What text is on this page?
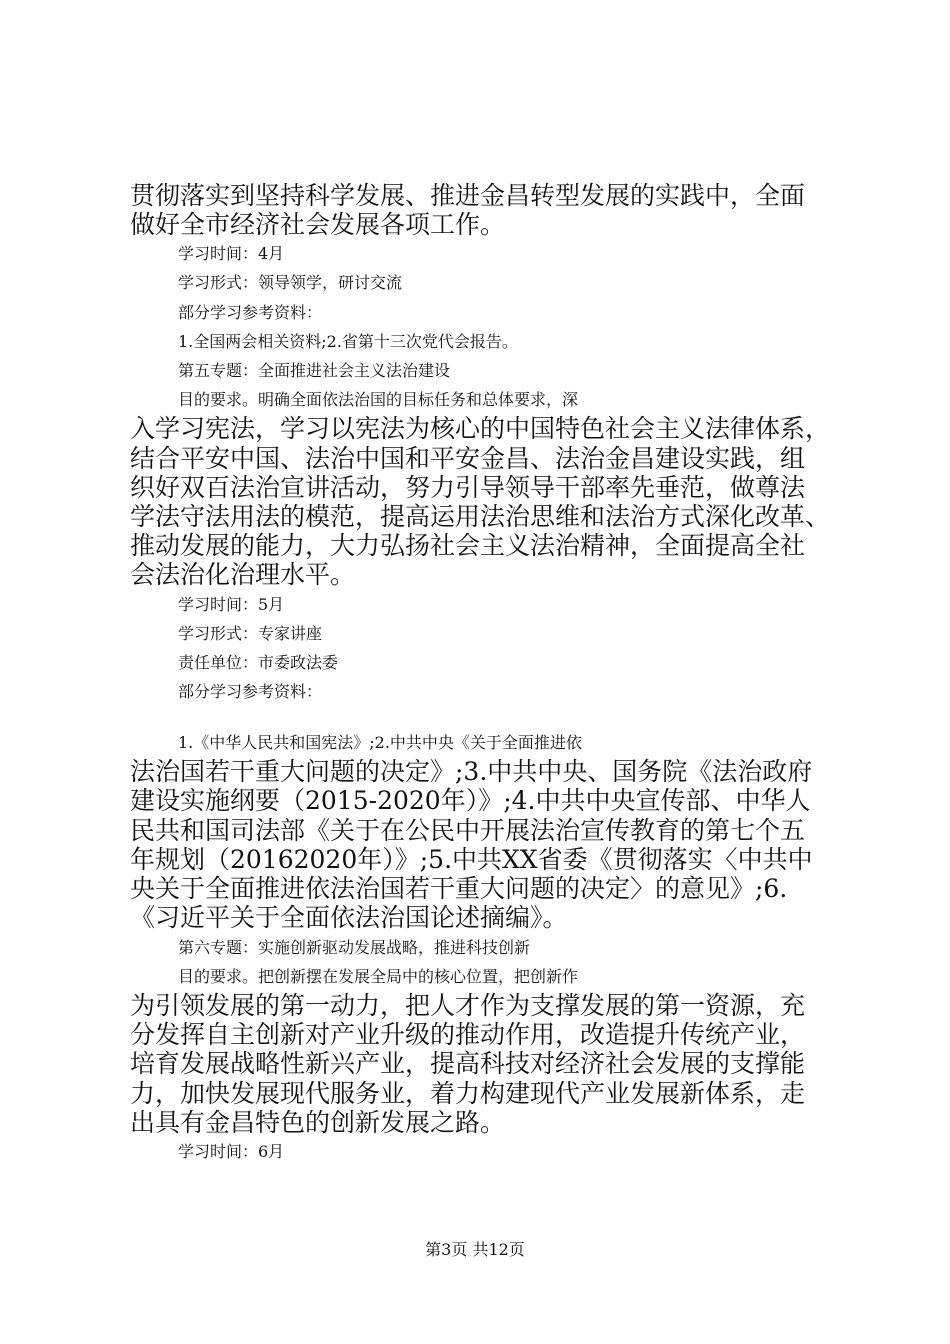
贯彻落实到坚持科学发展、推进金昌转型发展的实践中，全面
做好全市经济社会发展各项工作。
学习时间：4月
学习形式：领导领学，研讨交流
部分学习参考资料：
1.全国两会相关资料;2.省第十三次党代会报告。
第五专题：全面推进社会主义法治建设
目的要求。明确全面依法治国的目标任务和总体要求，深
入学习宪法，学习以宪法为核心的中国特色社会主义法律体系，
结合平安中国、法治中国和平安金昌、法治金昌建设实践，组
织好双百法治宣讲活动，努力引导领导干部率先垂范，做尊法
学法守法用法的模范，提高运用法治思维和法治方式深化改革、
推动发展的能力，大力弘扬社会主义法治精神，全面提高全社
会法治化治理水平。
学习时间：5月
学习形式：专家讲座
责任单位：市委政法委
部分学习参考资料：
1.《中华人民共和国宪法》;2.中共中央《关于全面推进依
法治国若干重大问题的决定》;3.中共中央、国务院《法治政府
建设实施纲要（2015-2020年）》;4.中共中央宣传部、中华人
民共和国司法部《关于在公民中开展法治宣传教育的第七个五
年规划（20162020年）》;5.中共XX省委《贯彻落实〈中共中
央关于全面推进依法治国若干重大问题的决定〉的意见》;6.
《习近平关于全面依法治国论述摘编》。
第六专题：实施创新驱动发展战略，推进科技创新
目的要求。把创新摆在发展全局中的核心位置，把创新作
为引领发展的第一动力，把人才作为支撑发展的第一资源，充
分发挥自主创新对产业升级的推动作用，改造提升传统产业，
培育发展战略性新兴产业，提高科技对经济社会发展的支撑能
力，加快发展现代服务业，着力构建现代产业发展新体系，走
出具有金昌特色的创新发展之路。
学习时间：6月
第3页 共12页
